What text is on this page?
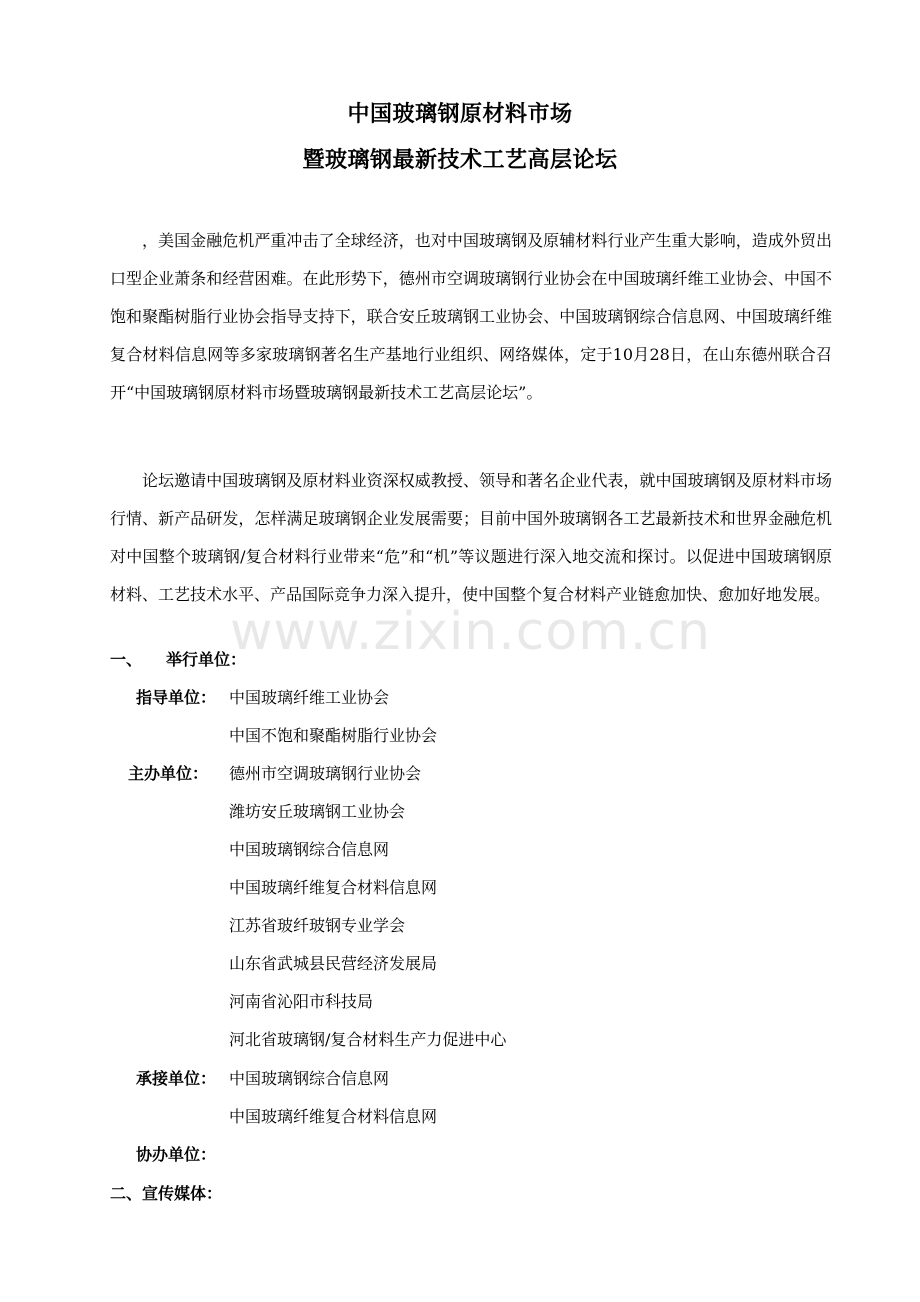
中国玻璃钢原材料市场
暨玻璃钢最新技术工艺高层论坛

，美国金融危机严重冲击了全球经济，也对中国玻璃钢及原辅材料行业产生重大影响，造成外贸出口型企业萧条和经营困难。在此形势下，德州市空调玻璃钢行业协会在中国玻璃纤维工业协会、中国不饱和聚酯树脂行业协会指导支持下，联合安丘玻璃钢工业协会、中国玻璃钢综合信息网、中国玻璃纤维复合材料信息网等多家玻璃钢著名生产基地行业组织、网络媒体，定于10月28日，在山东德州联合召开“中国玻璃钢原材料市场暨玻璃钢最新技术工艺高层论坛”。

论坛邀请中国玻璃钢及原材料业资深权威教授、领导和著名企业代表，就中国玻璃钢及原材料市场行情、新产品研发，怎样满足玻璃钢企业发展需要；目前中国外玻璃钢各工艺最新技术和世界金融危机对中国整个玻璃钢/复合材料行业带来“危”和“机”等议题进行深入地交流和探讨。以促进中国玻璃钢原材料、工艺技术水平、产品国际竞争力深入提升，使中国整个复合材料产业链愈加快、愈加好地发展。

一、 举行单位：
指导单位： 中国玻璃纤维工业协会
中国不饱和聚酯树脂行业协会
主办单位： 德州市空调玻璃钢行业协会
潍坊安丘玻璃钢工业协会
中国玻璃钢综合信息网
中国玻璃纤维复合材料信息网
江苏省玻纤玻钢专业学会
山东省武城县民营经济发展局
河南省沁阳市科技局
河北省玻璃钢/复合材料生产力促进中心
承接单位： 中国玻璃钢综合信息网
中国玻璃纤维复合材料信息网
协办单位：
二、宣传媒体：
www.zixin.com.cn
